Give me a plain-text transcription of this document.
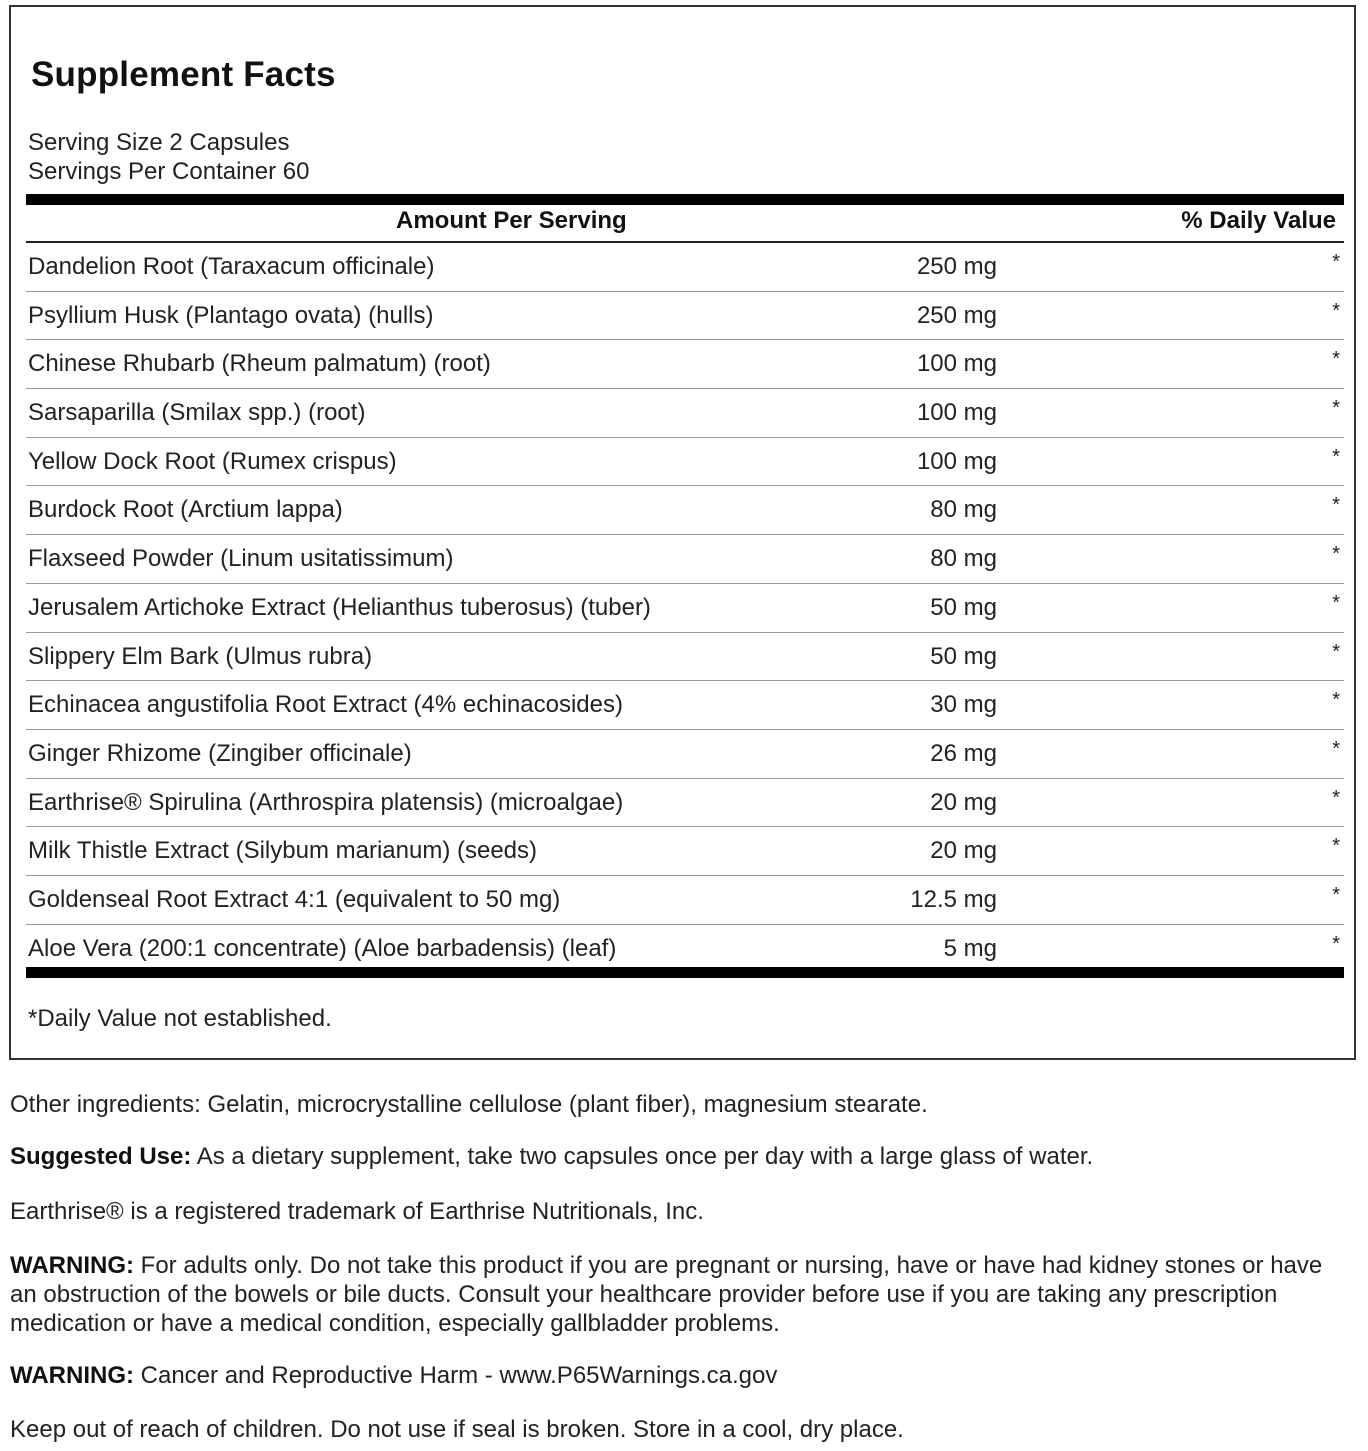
Supplement Facts
Serving Size 2 Capsules
Servings Per Container 60
Amount Per Serving	% Daily Value
Dandelion Root (Taraxacum officinale)	250 mg	*
Psyllium Husk (Plantago ovata) (hulls)	250 mg	*
Chinese Rhubarb (Rheum palmatum) (root)	100 mg	*
Sarsaparilla (Smilax spp.) (root)	100 mg	*
Yellow Dock Root (Rumex crispus)	100 mg	*
Burdock Root (Arctium lappa)	80 mg	*
Flaxseed Powder (Linum usitatissimum)	80 mg	*
Jerusalem Artichoke Extract (Helianthus tuberosus) (tuber)	50 mg	*
Slippery Elm Bark (Ulmus rubra)	50 mg	*
Echinacea angustifolia Root Extract (4% echinacosides)	30 mg	*
Ginger Rhizome (Zingiber officinale)	26 mg	*
Earthrise® Spirulina (Arthrospira platensis) (microalgae)	20 mg	*
Milk Thistle Extract (Silybum marianum) (seeds)	20 mg	*
Goldenseal Root Extract 4:1 (equivalent to 50 mg)	12.5 mg	*
Aloe Vera (200:1 concentrate) (Aloe barbadensis) (leaf)	5 mg	*
*Daily Value not established.
Other ingredients: Gelatin, microcrystalline cellulose (plant fiber), magnesium stearate.
Suggested Use: As a dietary supplement, take two capsules once per day with a large glass of water.
Earthrise® is a registered trademark of Earthrise Nutritionals, Inc.
WARNING: For adults only. Do not take this product if you are pregnant or nursing, have or have had kidney stones or have an obstruction of the bowels or bile ducts. Consult your healthcare provider before use if you are taking any prescription medication or have a medical condition, especially gallbladder problems.
WARNING: Cancer and Reproductive Harm - www.P65Warnings.ca.gov
Keep out of reach of children. Do not use if seal is broken. Store in a cool, dry place.
